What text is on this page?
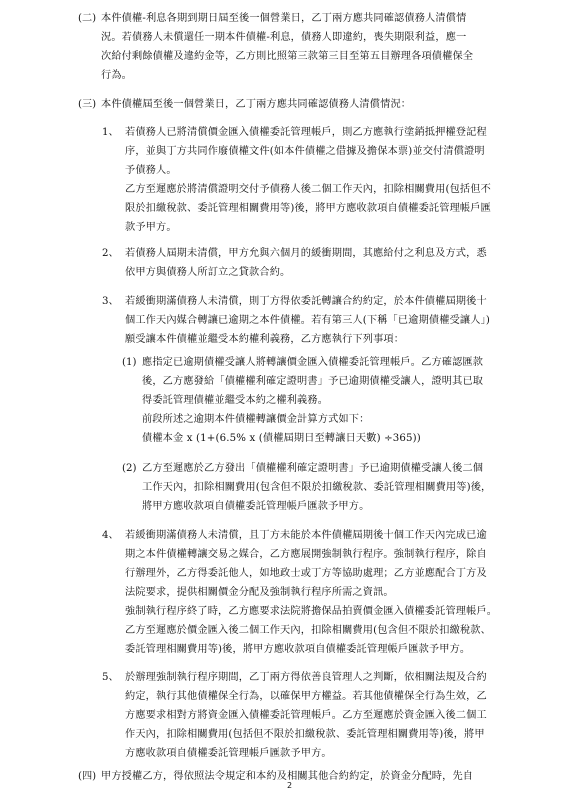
(二) 本件債權-利息各期到期日屆至後一個營業日，乙丁兩方應共同確認債務人清償情
況。若債務人未償還任一期本件債權-利息，債務人即違約，喪失期限利益，應一
次給付剩餘債權及違約金等，乙方則比照第三款第三目至第五目辦理各項債權保全
行為。
(三) 本件債權屆至後一個營業日，乙丁兩方應共同確認債務人清償情況：
1、 若債務人已將清償價金匯入債權委託管理帳戶，則乙方應執行塗銷抵押權登記程
序，並與丁方共同作廢債權文件(如本件債權之借據及擔保本票)並交付清償證明
予債務人。
乙方至遲應於將清償證明交付予債務人後二個工作天內，扣除相關費用(包括但不
限於扣繳稅款、委託管理相關費用等)後，將甲方應收款項自債權委託管理帳戶匯
款予甲方。
2、 若債務人屆期未清償，甲方允與六個月的緩衝期間，其應給付之利息及方式，悉
依甲方與債務人所訂立之貸款合約。
3、 若緩衝期滿債務人未清償，則丁方得依委託轉讓合約約定，於本件債權屆期後十
個工作天內媒合轉讓已逾期之本件債權。若有第三人(下稱「已逾期債權受讓人」)
願受讓本件債權並繼受本約權利義務，乙方應執行下列事項：
(1) 應指定已逾期債權受讓人將轉讓價金匯入債權委託管理帳戶。乙方確認匯款
後，乙方應發給「債權權利確定證明書」予已逾期債權受讓人，證明其已取
得委託管理債權並繼受本約之權利義務。
前段所述之逾期本件債權轉讓價金計算方式如下：
債權本金 x (1+(6.5% x (債權屆期日至轉讓日天數) ÷365))
(2) 乙方至遲應於乙方發出「債權權利確定證明書」予已逾期債權受讓人後二個
工作天內，扣除相關費用(包含但不限於扣繳稅款、委託管理相關費用等)後，
將甲方應收款項自債權委託管理帳戶匯款予甲方。
4、 若緩衝期滿債務人未清償，且丁方未能於本件債權屆期後十個工作天內完成已逾
期之本件債權轉讓交易之媒合，乙方應展開強制執行程序。強制執行程序，除自
行辦理外，乙方得委託他人，如地政士或丁方等協助處理；乙方並應配合丁方及
法院要求，提供相關價金分配及強制執行程序所需之資訊。
強制執行程序終了時，乙方應要求法院將擔保品拍賣價金匯入債權委託管理帳戶。
乙方至遲應於價金匯入後二個工作天內，扣除相關費用(包含但不限於扣繳稅款、
委託管理相關費用等)後，將甲方應收款項自債權委託管理帳戶匯款予甲方。
5、 於辦理強制執行程序期間，乙丁兩方得依善良管理人之判斷，依相關法規及合約
約定，執行其他債權保全行為，以確保甲方權益。若其他債權保全行為生效，乙
方應要求相對方將資金匯入債權委託管理帳戶。乙方至遲應於資金匯入後二個工
作天內，扣除相關費用(包括但不限於扣繳稅款、委託管理相關費用等)後，將甲
方應收款項自債權委託管理帳戶匯款予甲方。
(四) 甲方授權乙方，得依照法令規定和本約及相關其他合約約定，於資金分配時，先自
2
